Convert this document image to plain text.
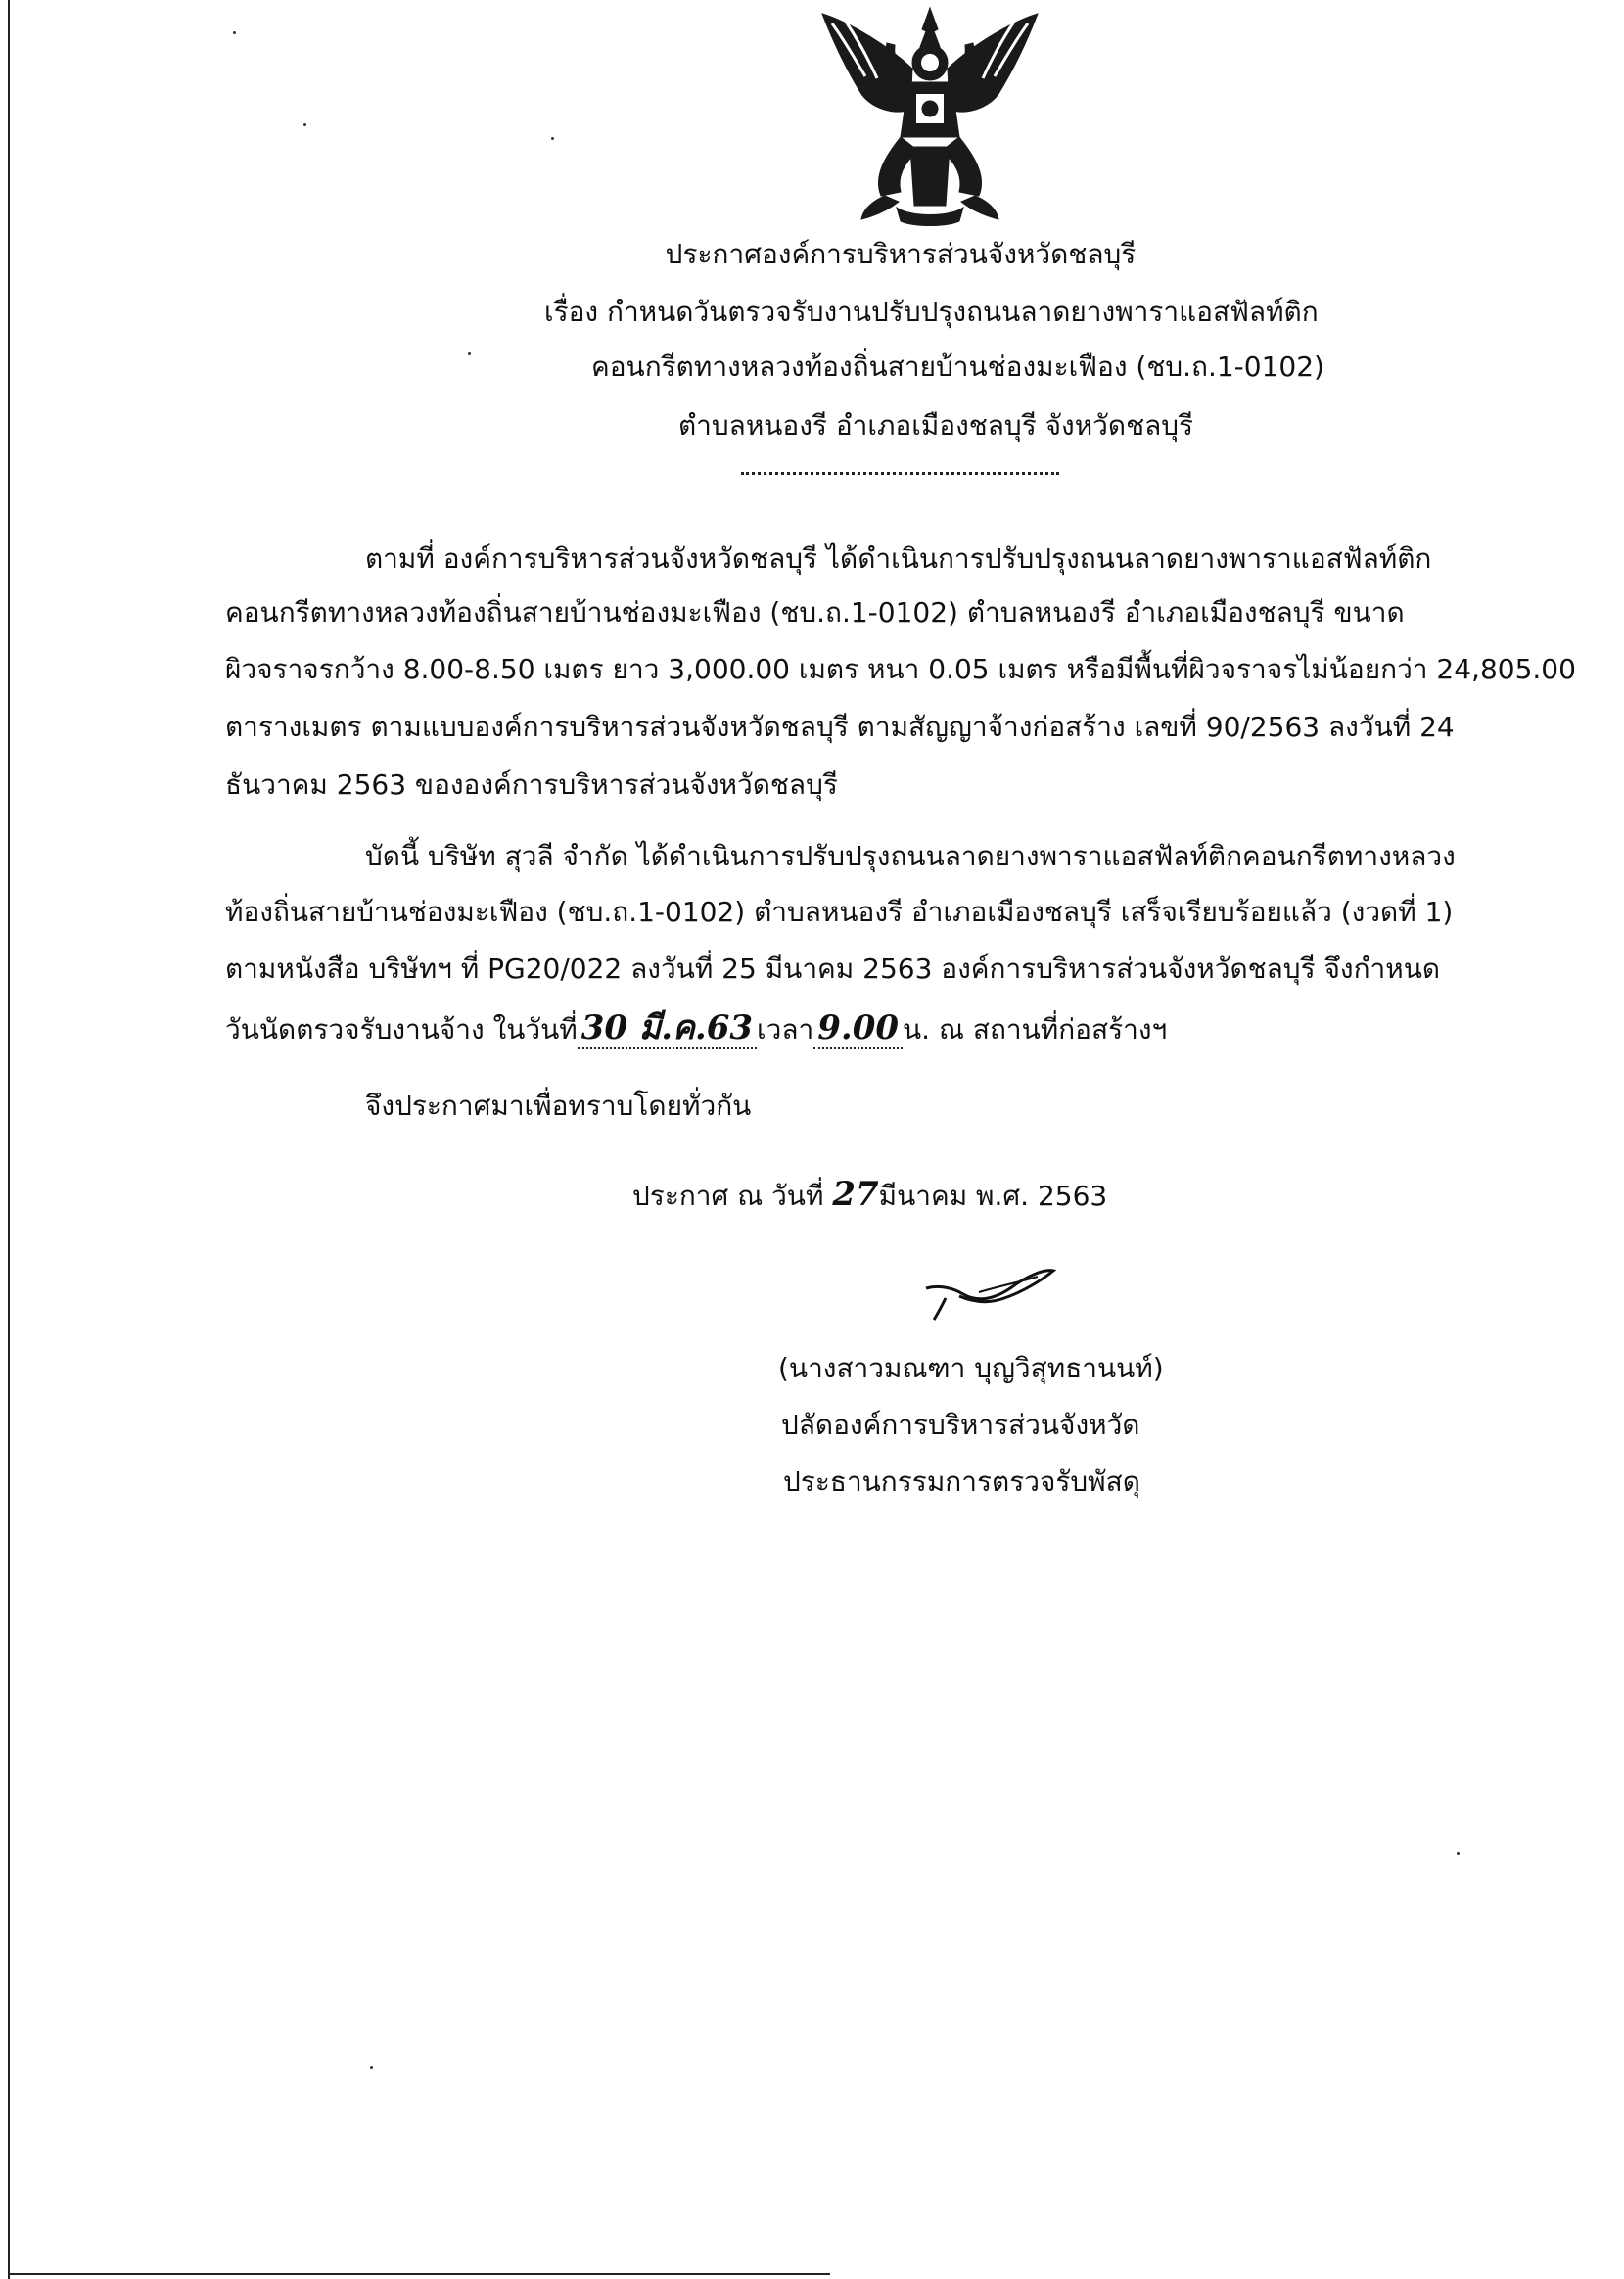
ประกาศองค์การบริหารส่วนจังหวัดชลบุรี
เรื่อง กำหนดวันตรวจรับงานปรับปรุงถนนลาดยางพาราแอสฟัลท์ติก
คอนกรีตทางหลวงท้องถิ่นสายบ้านช่องมะเฟือง (ชบ.ถ.1-0102)
ตำบลหนองรี อำเภอเมืองชลบุรี จังหวัดชลบุรี
ตามที่ องค์การบริหารส่วนจังหวัดชลบุรี ได้ดำเนินการปรับปรุงถนนลาดยางพาราแอสฟัลท์ติก
คอนกรีตทางหลวงท้องถิ่นสายบ้านช่องมะเฟือง (ชบ.ถ.1-0102) ตำบลหนองรี อำเภอเมืองชลบุรี ขนาด
ผิวจราจรกว้าง 8.00-8.50 เมตร ยาว 3,000.00 เมตร หนา 0.05 เมตร หรือมีพื้นที่ผิวจราจรไม่น้อยกว่า 24,805.00
ตารางเมตร ตามแบบองค์การบริหารส่วนจังหวัดชลบุรี ตามสัญญาจ้างก่อสร้าง เลขที่ 90/2563 ลงวันที่ 24
ธันวาคม 2563 ขององค์การบริหารส่วนจังหวัดชลบุรี
บัดนี้ บริษัท สุวลี จำกัด ได้ดำเนินการปรับปรุงถนนลาดยางพาราแอสฟัลท์ติกคอนกรีตทางหลวง
ท้องถิ่นสายบ้านช่องมะเฟือง (ชบ.ถ.1-0102) ตำบลหนองรี อำเภอเมืองชลบุรี เสร็จเรียบร้อยแล้ว (งวดที่ 1)
ตามหนังสือ บริษัทฯ ที่ PG20/022 ลงวันที่ 25 มีนาคม 2563 องค์การบริหารส่วนจังหวัดชลบุรี จึงกำหนด
วันนัดตรวจรับงานจ้าง ในวันที่ 30 มี.ค.63 เวลา 9.00 น. ณ สถานที่ก่อสร้างฯ
จึงประกาศมาเพื่อทราบโดยทั่วกัน
ประกาศ ณ วันที่ 27มีนาคม พ.ศ. 2563
(นางสาวมณฑา บุญวิสุทธานนท์)
ปลัดองค์การบริหารส่วนจังหวัด
ประธานกรรมการตรวจรับพัสดุ
